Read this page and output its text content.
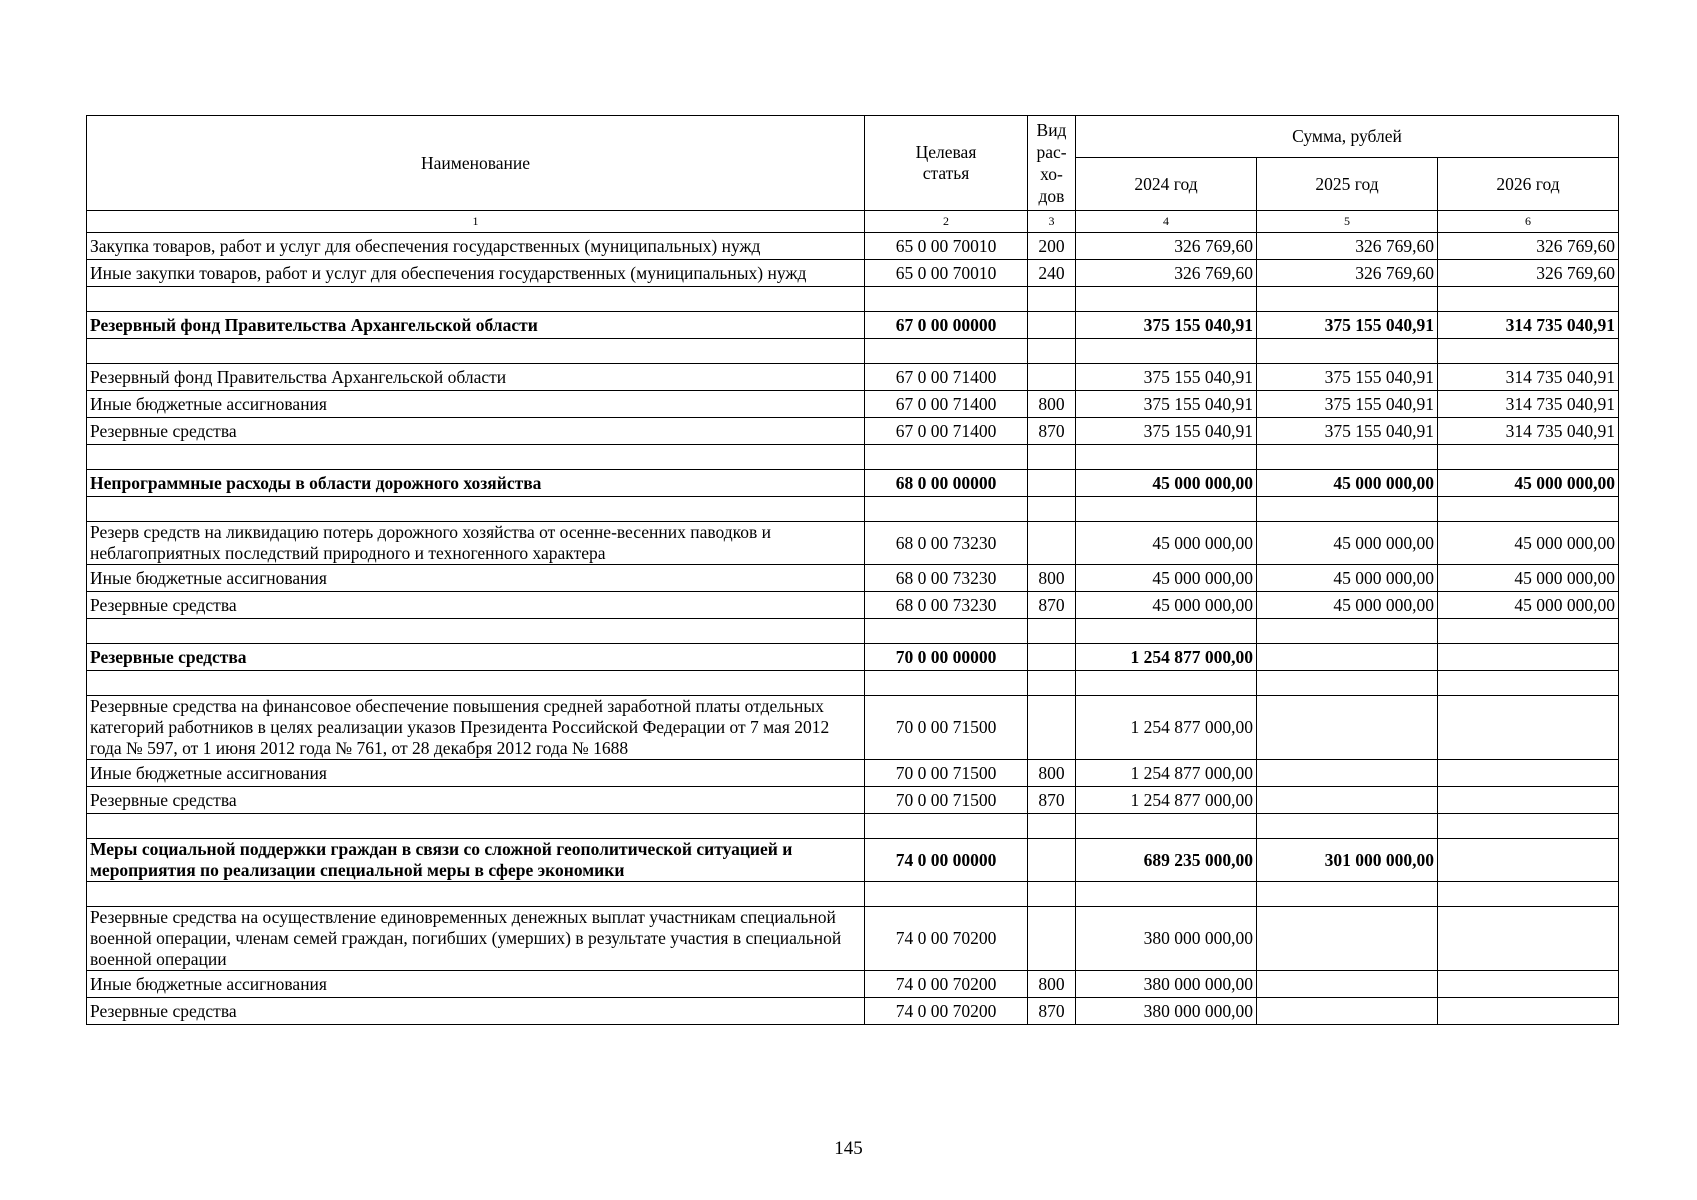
Наименование	Целевая статья	Вид рас-хо-дов	Сумма, рублей		
			2024 год	2025 год	2026 год
1	2	3	4	5	6
Закупка товаров, работ и услуг для обеспечения государственных (муниципальных) нужд	65 0 00 70010	200	326 769,60	326 769,60	326 769,60
Иные закупки товаров, работ и услуг для обеспечения государственных (муниципальных) нужд	65 0 00 70010	240	326 769,60	326 769,60	326 769,60

Резервный фонд Правительства Архангельской области	67 0 00 00000		375 155 040,91	375 155 040,91	314 735 040,91

Резервный фонд Правительства Архангельской области	67 0 00 71400		375 155 040,91	375 155 040,91	314 735 040,91
Иные бюджетные ассигнования	67 0 00 71400	800	375 155 040,91	375 155 040,91	314 735 040,91
Резервные средства	67 0 00 71400	870	375 155 040,91	375 155 040,91	314 735 040,91

Непрограммные расходы в области дорожного хозяйства	68 0 00 00000		45 000 000,00	45 000 000,00	45 000 000,00

Резерв средств на ликвидацию потерь дорожного хозяйства от осенне-весенних паводков и неблагоприятных последствий природного и техногенного характера	68 0 00 73230		45 000 000,00	45 000 000,00	45 000 000,00
Иные бюджетные ассигнования	68 0 00 73230	800	45 000 000,00	45 000 000,00	45 000 000,00
Резервные средства	68 0 00 73230	870	45 000 000,00	45 000 000,00	45 000 000,00

Резервные средства	70 0 00 00000		1 254 877 000,00		

Резервные средства на финансовое обеспечение повышения средней заработной платы отдельных категорий работников в целях реализации указов Президента Российской Федерации от 7 мая 2012 года № 597, от 1 июня 2012 года № 761, от 28 декабря 2012 года № 1688	70 0 00 71500		1 254 877 000,00		
Иные бюджетные ассигнования	70 0 00 71500	800	1 254 877 000,00		
Резервные средства	70 0 00 71500	870	1 254 877 000,00		

Меры социальной поддержки граждан в связи со сложной геополитической ситуацией и мероприятия по реализации специальной меры в сфере экономики	74 0 00 00000		689 235 000,00	301 000 000,00	

Резервные средства на осуществление единовременных денежных выплат участникам специальной военной операции, членам семей граждан, погибших (умерших) в результате участия в специальной военной операции	74 0 00 70200		380 000 000,00		
Иные бюджетные ассигнования	74 0 00 70200	800	380 000 000,00		
Резервные средства	74 0 00 70200	870	380 000 000,00		
145
